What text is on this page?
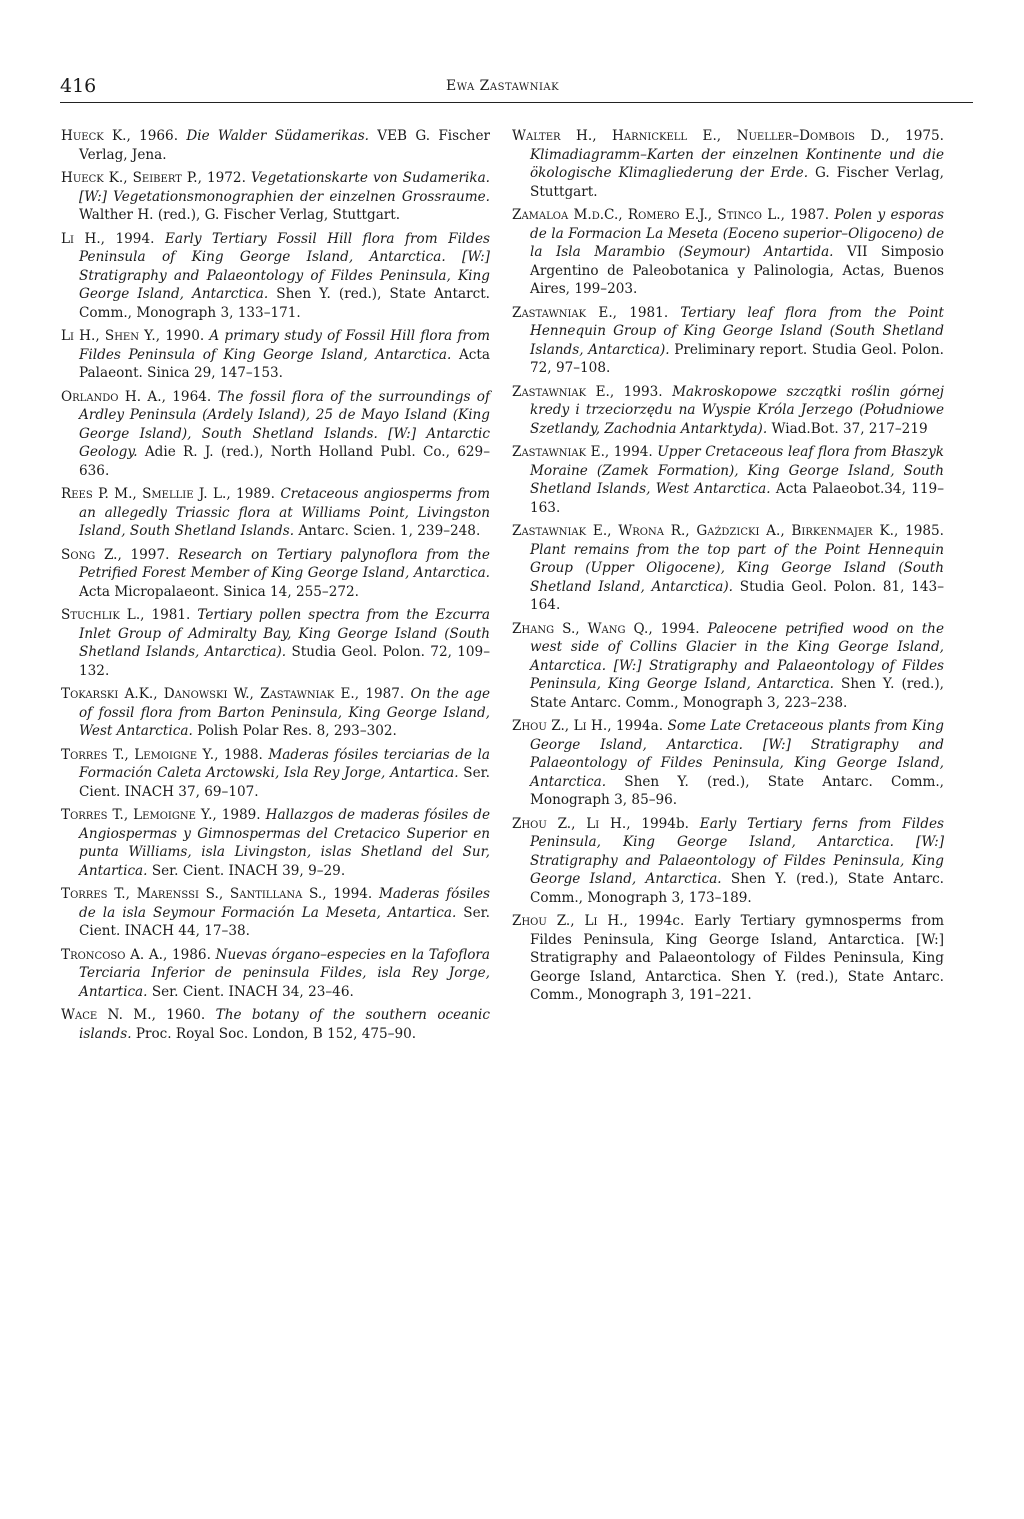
416	Ewa Zastawniak

Hueck K., 1966. Die Walder Südamerikas. VEB G. Fischer Verlag, Jena.

Hueck K., Seibert P., 1972. Vegetationskarte von Sudamerika. [W:] Vegetationsmonographien der einzelnen Grossraume. Walther H. (red.), G. Fischer Verlag, Stuttgart.

Li H., 1994. Early Tertiary Fossil Hill flora from Fildes Peninsula of King George Island, Antarctica. [W:] Stratigraphy and Palaeontology of Fildes Peninsula, King George Island, Antarctica. Shen Y. (red.), State Antarct. Comm., Monograph 3, 133–171.

Li H., Shen Y., 1990. A primary study of Fossil Hill flora from Fildes Peninsula of King George Island, Antarctica. Acta Palaeont. Sinica 29, 147–153.

Orlando H. A., 1964. The fossil flora of the surroundings of Ardley Peninsula (Ardely Island), 25 de Mayo Island (King George Island), South Shetland Islands. [W:] Antarctic Geology. Adie R. J. (red.), North Holland Publ. Co., 629–636.

Rees P. M., Smellie J. L., 1989. Cretaceous angiosperms from an allegedly Triassic flora at Williams Point, Livingston Island, South Shetland Islands. Antarc. Scien. 1, 239–248.

Song Z., 1997. Research on Tertiary palynoflora from the Petrified Forest Member of King George Island, Antarctica. Acta Micropalaeont. Sinica 14, 255–272.

Stuchlik L., 1981. Tertiary pollen spectra from the Ezcurra Inlet Group of Admiralty Bay, King George Island (South Shetland Islands, Antarctica). Studia Geol. Polon. 72, 109–132.

Tokarski A.K., Danowski W., Zastawniak E., 1987. On the age of fossil flora from Barton Peninsula, King George Island, West Antarctica. Polish Polar Res. 8, 293–302.

Torres T., Lemoigne Y., 1988. Maderas fósiles terciarias de la Formación Caleta Arctowski, Isla Rey Jorge, Antartica. Ser. Cient. INACH 37, 69–107.

Torres T., Lemoigne Y., 1989. Hallazgos de maderas fósiles de Angiospermas y Gimnospermas del Cretacico Superior en punta Williams, isla Livingston, islas Shetland del Sur, Antartica. Ser. Cient. INACH 39, 9–29.

Torres T., Marenssi S., Santillana S., 1994. Maderas fósiles de la isla Seymour Formación La Meseta, Antartica. Ser. Cient. INACH 44, 17–38.

Troncoso A. A., 1986. Nuevas órgano–especies en la Tafoflora Terciaria Inferior de peninsula Fildes, isla Rey Jorge, Antartica. Ser. Cient. INACH 34, 23–46.

Wace N. M., 1960. The botany of the southern oceanic islands. Proc. Royal Soc. London, B 152, 475–90.

Walter H., Harnickell E., Nueller–Dombois D., 1975. Klimadiagramm–Karten der einzelnen Kontinente und die ökologische Klimagliederung der Erde. G. Fischer Verlag, Stuttgart.

Zamaloa M.d.C., Romero E.J., Stinco L., 1987. Polen y esporas de la Formacion La Meseta (Eoceno superior–Oligoceno) de la Isla Marambio (Seymour) Antartida. VII Simposio Argentino de Paleobotanica y Palinologia, Actas, Buenos Aires, 199–203.

Zastawniak E., 1981. Tertiary leaf flora from the Point Hennequin Group of King George Island (South Shetland Islands, Antarctica). Preliminary report. Studia Geol. Polon. 72, 97–108.

Zastawniak E., 1993. Makroskopowe szczątki roślin górnej kredy i trzeciorzędu na Wyspie Króla Jerzego (Południowe Szetlandy, Zachodnia Antarktyda). Wiad.Bot. 37, 217–219

Zastawniak E., 1994. Upper Cretaceous leaf flora from Błaszyk Moraine (Zamek Formation), King George Island, South Shetland Islands, West Antarctica. Acta Palaeobot.34, 119–163.

Zastawniak E., Wrona R., Gaździcki A., Birkenmajer K., 1985. Plant remains from the top part of the Point Hennequin Group (Upper Oligocene), King George Island (South Shetland Island, Antarctica). Studia Geol. Polon. 81, 143–164.

Zhang S., Wang Q., 1994. Paleocene petrified wood on the west side of Collins Glacier in the King George Island, Antarctica. [W:] Stratigraphy and Palaeontology of Fildes Peninsula, King George Island, Antarctica. Shen Y. (red.), State Antarc. Comm., Monograph 3, 223–238.

Zhou Z., Li H., 1994a. Some Late Cretaceous plants from King George Island, Antarctica. [W:] Stratigraphy and Palaeontology of Fildes Peninsula, King George Island, Antarctica. Shen Y. (red.), State Antarc. Comm., Monograph 3, 85–96.

Zhou Z., Li H., 1994b. Early Tertiary ferns from Fildes Peninsula, King George Island, Antarctica. [W:] Stratigraphy and Palaeontology of Fildes Peninsula, King George Island, Antarctica. Shen Y. (red.), State Antarc. Comm., Monograph 3, 173–189.

Zhou Z., Li H., 1994c. Early Tertiary gymnosperms from Fildes Peninsula, King George Island, Antarctica. [W:] Stratigraphy and Palaeontology of Fildes Peninsula, King George Island, Antarctica. Shen Y. (red.), State Antarc. Comm., Monograph 3, 191–221.
